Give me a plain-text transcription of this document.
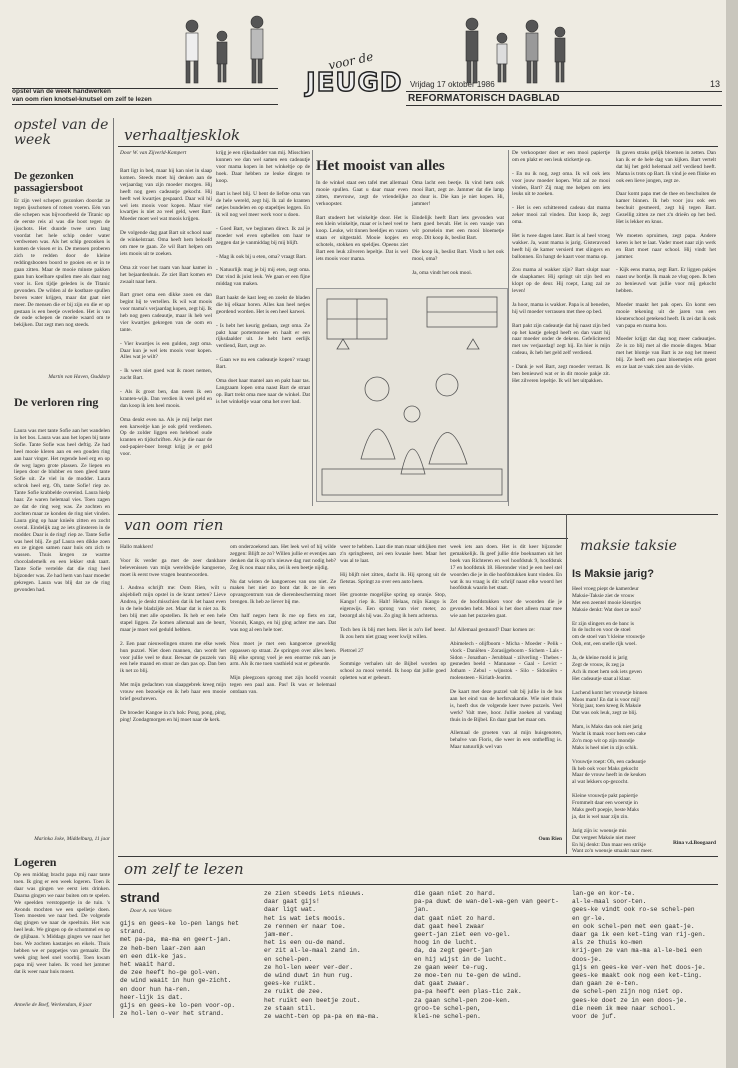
opstel van de week handwerken
van oom rien knotsel-knutsel om zelf te lezen
voor de
JEUGD Vrijdag 17 oktober 1986	13
REFORMATORISCH DAGBLAD
opstel van de week
De gezonken passagiersboot
Er zijn veel schepen gezonken doordat ze tegen ijsschotsen of rotsen voeren. Eén van die schepen was bijvoorbeeld de Titanic op de eerste reis al was die boot tegen de ijsschots. Het duurde twee uren lang voordat het hele schip onder water verdwenen was. Als het schip gezonken is komen de vissen er in. De mensen proberen zich te redden door de kleine reddingsbooten boord te gooien en er in te gaan zitten. Maar de mooie minste pakken gaan hun koelbare spullen mee als daar nog voor is. Een tijdje geleden is de Titanic gevonden. De wilden al de kostbare spullen boven water krijgen, maar dat gaat niet meer. De mensen die er bij zijn en die er op gestaan is een beetje overleden. Het is van de oude schepen de moeite waard om te bekijken. Dat zegt men nog steeds.
Martin van Haven, Ouddorp
De verloren ring
Laura was met tante Sofie aan het wandelen in het bos. Laura was aan het lopen bij tante Sofie. Tante Sofie was heel deftig. Ze had heel mooie kleren aan en een gouden ring aan haar vinger. Het regende heel erg en op de weg lagen grote plassen. Ze liepen en liepen door de blubber en toen gleed tante Sofie uit. Ze viel in de modder. Laura schrok heel erg. Oh, tante Sofie! riep ze. Tante Sofie krabbelde overeind. Laura hielp haar. Ze waren helemaal vies. Toen zagen ze dat de ring weg was. Ze zochten en zochten maar ze konden de ring niet vinden. Laura ging op haar knieën zitten en zocht overal. Eindelijk zag ze iets glinsteren in de modder. Daar is de ring! riep ze. Tante Sofie was heel blij. Ze gaf Laura een dikke zoen en ze gingen samen naar huis om zich te wassen. Thuis kregen ze warme chocolademelk en een lekker stuk taart. Tante Sofie vertelde dat die ring heel bijzonder was. Ze had hem van haar moeder gekregen. Laura was blij dat ze de ring gevonden had.
Marinka Joke, Middelburg, 11 jaar
Logeren
Op een middag bracht papa mij naar tante toen. Ik ging er een week logeren. Toen ik daar was gingen we eerst iets drinken. Daarna gingen we naar buiten om te spelen. We speelden verstoppertje in de tuin. 's Avonds mochten we een spelletje doen. Toen moesten we naar bed. De volgende dag gingen we naar de speeltuin. Het was heel leuk. We gingen op de schommel en op de glijbaan. 's Middags gingen we naar het bos. We zochten kastanjes en eikels. Thuis hebben we er poppetjes van gemaakt. Die week ging heel snel voorbij. Toen kwam papa mij weer halen. Ik vond het jammer dat ik weer naar huis moest.
Annelie de Boef, Werkendam, 8 jaar
verhaaltjesklok
Door W. van Zijverld-Kampert
Bart ligt in bed, maar hij kan niet in slaap komen. Steeds moet hij denken aan de verjaardag van zijn moeder morgen. Hij heeft nog geen cadeautje gekocht. Hij heeft wel kwartjes gespaard. Daar wil hij wel iets moois voor kopen. Maar vier kwartjes is niet zo veel geld, weet Bart. Moeder moet wel wat moois krijgen.

De volgende dag gaat Bart uit school naar de winkelstraat. Oma heeft hem beloofd om mee te gaan. Ze wil Bart helpen om iets moois uit te zoeken.

Oma zit voor het raam van haar kamer in het bejaardenhuis. Ze ziet Bart komen en zwaait naar hem.

Bart groet oma een dikke zoen en dan begint hij te vertellen. Ik wil wat moois voor mama's verjaardag kopen, zegt hij. Ik heb nog geen cadeautje, maar ik heb wel vier kwartjes gekregen van de oom en tante.

- Vier kwartjes is een gulden, zegt oma. Daar kun je wel iets moois voor kopen. Alles wat je wilt?

- Ik weet niet goed wat ik moet nemen, zucht Bart.

- Als ik groot ben, dan neem ik een kranten-wijk. Dan verdien ik veel geld en dan koop ik iets heel moois.

Oma denkt even na. Als je mij helpt met een karweitje kan je ook geld verdienen. Op de zolder liggen een heleboel oude kranten en tijdschriften. Als je die naar de oud-papier-boer brengt krijg je er geld voor.
krijg je een rijksdaalder van mij. Misschien kunnen we dan wel samen een cadeautje voor mama kopen in het winkeltje op de hoek. Daar hebben ze leuke dingen te koop.

Bart is heel blij. U bent de liefste oma van de hele wereld, zegt hij. Ik zal de kranten netjes bundelen en op stapeltjes leggen. En ik wil nog wel meer werk voor u doen.

- Goed Bart, we beginnen direct. Ik zal je moeder wel even opbellen om haar te zeggen dat je vanmiddag bij mij blijft.

- Mag ik ook bij u eten, oma? vraagt Bart.

- Natuurlijk mag je bij mij eten, zegt oma. Dat vind ik juist leuk. We gaan er een fijne middag van maken.

Bart haakt de kast leeg en zoekt de bladen die bij elkaar horen. Alles kan heel netjes geordend worden. Het is een heel karwei.

- Is hebt het keurig gedaan, zegt oma. Ze pakt haar portemonnee en haalt er een rijksdaalder uit. Je hebt hem eerlijk verdiend, Bart, zegt ze.

- Gaan we nu een cadeautje kopen? vraagt Bart.

Oma doet haar mantel aan en pakt haar tas. Langzaam lopen oma naast Bart de straat op. Bart trekt oma mee naar de winkel. Dat is het winkeltje waar oma het over had.
Het mooist van alles
In de winkel staat een tafel met allemaal mooie spullen. Gaat u daar maar even zitten, mevrouw, zegt de vriendelijke verkoopster.

Bart studeert het winkeltje door. Het is een klein winkeltje, maar er is heel veel te koop. Leuke, wit tinnen beeldjes en vazen staan er uitgestald. Mooie kopjes en schotels, stokken en speldjes. Opeens ziet Bart een leuk zilveren lepeltje. Dat is wel iets moois voor mama.
Oma lacht een beetje. Ik vind hem ook mooi Bart, zegt ze. Jammer dat die lamp zo duur is. Die kan je niet kopen. Hi, jammer!

Eindelijk heeft Bart iets gevonden wat hem goed bevalt. Het is een vaasje van wit porselein met een mooi bloemetje erop. Dit koop ik, beslist Bart.

Die koop ik, beslist Bart. Vindt u het ook mooi, oma?

Ja, oma vindt het ook mooi.
De verkoopster doet er een mooi papiertje om en plakt er een leuk stickertje op.

- En nu ik nog, zegt oma. Ik wil ook iets voor jouw moeder kopen. Wat zal ze mooi vinden, Bart? Zij mag me helpen om iets leuks uit te zoeken.

- Het is een schitterend cadeau dat mama zeker mooi zal vinden. Dat koop ik, zegt oma.

Het is twee dagen later. Bart is al heel vroeg wakker. Ja, want mama is jarig. Gisteravond heeft hij de kamer versierd met slingers en ballonnen. En hangt de kaart voor mama op.

Zou mama al wakker zijn? Bart sluipt naar de slaapkamer. Hij springt uit zijn bed en klopt op de deur. Hij roept, Lang zal ze leven!

Ja hoor, mama is wakker. Papa is al beneden, hij wil moeder verrassen met thee op bed.

Bart pakt zijn cadeautje dat hij naast zijn bed op het kastje gelegd heeft en dan vaart hij naar moeder onder de dekens. Gefeliciteerd met uw verjaardag! zegt hij. En hier is mijn cadeau, ik heb het geld zelf verdiend.

- Dank je wel Bart, zegt moeder verrast. Ik ben benieuwd wat er in dit mooie pakje zit. Het zilveren lepeltje. Ik wil het uitpakken.
Ik gaven straks gelijk bloemen in zetten. Dan kan ik er de hele dag van kijken. Bart vertelt dat hij het geld helemaal zelf verdiend heeft. Mama is trots op Bart. Ik vind je een flinke en ook een lieve jongen, zegt ze.

Daar komt papa met de thee en beschuiten de kamer binnen. Ik heb voor jou ook een beschuit gesmeerd, zegt hij tegen Bart. Gezellig zitten ze met z'n drieën op het bed. Het is lekker en knus.

We moeten opruimen, zegt papa. Andere keren is het te laat. Vader moet naar zijn werk en Bart moet naar school. Hij vindt het jammer.

- Kijk eens mama, zegt Bart. Er liggen pakjes naast uw bordje. Ik maak ze vlug open. Ik ben zo benieuwd wat jullie voor mij gekocht hebben.

Moeder maakt het pak open. En komt een mooie tekening uit de jaren van een kleuterschool getekend heeft. Ik zei dat ik ook van papa en mama hou.

Moeder krijgt dat dag nog meer cadeautjes. Ze is zo blij met al die mooie dingen. Maar met het blomje van Bart is ze nog het meest blij. Ze heeft een paar bloemetjes erin gezet en ze laat ze vaak zien aan de visite.
van oom rien
Hallo makkers!

Voor ik verder ga met de zeer dankbare belevenissen van mijn wereldwijde kangoeroe, moet ik eerst twee vragen beantwoorden.

1. Andrea schrijft me: Oom Rien, wilt u alsjeblieft mijn opstel in de krant zetten? Lieve Andrea, je denkt misschien dat ik het haast even in de hele bladzijde zet. Maar dat is niet zo. Ik ben blij met alle opstellen. Ik heb er een hele stapel liggen. Ze komen allemaal aan de beurt, maar je moet wel geduld hebben.

2. Een paar nieuwelingen sturen me elke week hun puzzel. Niet doen mannen, dan wordt het voor jullie veel te duur. Bewaar de puzzels van een hele maand en stuur ze dan pas op. Dan ben ik net zo blij.

Met mijn gedachten van slaapgebrek kreeg mijn vrouw een bezoekje en ik heb haar een mooie brief geschreven.

De broeder Kangoe in z'n hok: Pong, pong, ping, ping! Zondagmorgen en hij moet naar de kerk.
om onderzoekend aan. Het leek wel of hij wilde zeggen: Blijft ze zo? Willen jullie er eventjes aan denken dat ik op m'n nieuwe dag rust nodig heb? Zeg ik nou maar niks, zei ik een beetje nijdig.

Nu dat wisten de kangoeroes van ons niet. Ze maken het niet zo bont dat ik ze in een opvangcentrum van de dierenbescherming moet brengen. Ik heb ze liever bij me.

Om half negen hem ik me op fiets en zat, Vooruit, Kango, en hij ging achter me aan. Dat was nog al een hele toer.

Nou moet je met een kangoeroe geweldig oppassen op straat. Ze springen over alles heen. Bij elke sprong voel je een enorme ruk aan je arm. Als ik me toen vasthield wat er gebeurde.

Mijn pleegzoon sprong met zijn hoofd vooruit tegen een paal aan. Pas! Ik was er helemaal ontdaan van.
weer te hebben. Laat die man maar uitkijken met z'n springbeest, zei een kwaaie heer. Maar het was al te laat.

Hij blijft niet zitten, dacht ik. Hij sprong uit de fietstas. Springt zo over een auto heen.

Het grootste mogelijke spring op oranje. Stop, Kango! riep ik. Halt! Helaas, mijn Kango is eigenwijs. Een sprong van vier meter, zo bezorgd als hij was. Zo ging ik hem achterna.

Toch ben ik blij met hem. Het is zo'n lief beest. Ik zou hem niet graag weer kwijt willen.

Pietroel 27

Sommige verhalen uit de Bijbel worden op school zo mooi verteld. Ik hoop dat jullie goed opletten wat er gebeurt.
week iets aan doen. Het is dit keer bijzonder gemakkelijk. Ik geef jullie drie boeknamen uit het boek van Richteren en wel hoofdstuk 9, hoofdstuk 17 en hoofdstuk 18. Hieronder vind je een heel stel woorden die je in die hoofdstukken kunt vinden. En wat ik nu vraag is dit: schrijf naast elke woord het hoofdstuk waarin het staat.

Zet de hoofdstukken voor de woorden die je gevonden hebt. Mooi is het doet alleen maar mee wie aan het puzzelen gaat.

Ja! Allemaal gestuurd? Daar komen ze:

Abimelech - olijfboom - Micha - Moeder - Pelik - vlock - Daniëten - Zorasijgeboom - Sichem - Lais - Sidon - Jonathan - Jerubbaal - zilverling - Thebes - gesneden beeld - Mannasse - Gaal - Levict - Jotham - Zebul - wijnstok - Silo - Sidoniërs - molensteen - Kiriath-Jearim.

De kaart met deze puzzel valt bij jullie in de bus aan het eind van de herfstvakantie. Wie niet thuis is, hoeft dus de volgende keer twee puzzels. Veel werk? Valt mee, hoor. Jullie zoeken al vandaag thuis in de Bijbel. En daar gaat het maar om.

Allemaal de groeten van al mijn huisgenoten, behalve van Floris, die weer in een ontheffing is. Maar natuurlijk wel van
Oom Rien
maksie taksie
Is Maksie jarig?
Heel vroeg piept de kamerdeur
Maksie-Taksie ziet de vrouw
Met een zeentel mooie kleurtjes
Maksie denkt: Wat doet ze nou?

Er zijn slingers en de banc is
In de lucht en voor de stoel
om de stoel van 't kleine vrouwtje
Ooh, ent, een snelle rijk woel.

Ja, de kleine mold is jarig
Zegt de vrouw, ik zeg ja
Ach ik moet hem ook iets geven
Het cadeautje staat al klaar.

Lachend komt het vrouwtje binnen
Moos mam! En dat is voor mij!
Vorig jaar, toen kreeg ik Maksie
Dat was ook leuk, zegt ze blij.

Mam, is Maks dan ook niet jarig
Wacht ik maak voor hem een cake
Zo'n mop wit op zijn mondje
Maks is heel niet in zijn schik.

Vrouwtje roept: Oh, een cadeautje
Ik heb ook voor Maks gekocht
Maar de vrouw heeft in de keuken
al wat lekkers op-gezocht.

Kleine vrouwtje pakt papiertje
Frommelt daar een woerstje in
Maks geeft poepje, beste Maks
ja, dat is wel naar zijn zin.

Jarig zijn is: woensje mis
Dat vergeet Maksie niet meer
En hij denkt: Dan maar een strikje
Want zo'n woensje smaakt naar meer.
Rina v.d.Boogaard
om zelf te lezen
strand
Door A. van Velzen
gijs en gees-ke lo-pen langs het strand.
met pa-pa, ma-ma en geert-jan.
ze heb-ben laar-zen aan
en een dik-ke jas.
het waait hard.
de zee heeft ho-ge gol-ven.
de wind waait in hun ge-zicht.
en door hun ha-ren.
heer-lijk is dat.
gijs en gees-ke lo-pen voor-op.
ze hol-len o-ver het strand.
ze zien steeds iets nieuws.
daar gaat gijs!
daar ligt wat.
het is wat iets moois.
ze rennen er naar toe.
jam-mer.
het is een ou-de mand.
er zit al-le-maal zand in.
en schel-pen.
ze hol-len weer ver-der.
de wind duwt in hun rug.
gees-ke ruikt.
ze ruikt de zee.
het ruikt een beetje zout.
ze staan stil.
ze wacht-ten op pa-pa en ma-ma.
die gaan niet zo hard.
pa-pa duwt de wan-del-wa-gen van geert-jan.
dat gaat niet zo hard.
dat gaat heel zwaar
geert-jan ziet een vo-gel.
hoog in de lucht.
da, da zegt geert-jan
en hij wijst in de lucht.
ze gaan weer te-rug.
ze moe-ten nu te-gen de wind.
dat gaat zwaar.
pa-pa heeft een plas-tic zak.
za gaan schel-pen zoe-ken.
groo-te schel-pen,
klei-ne schel-pen.
lan-ge en kor-te.
al-le-maal soor-ten.
gees-ke vindt ook ro-se schel-pen
en gr-le.
en ook schel-pen met een gaat-je.
daar ga ik een ket-ting van rij-gen.
als ze thuis ko-men
krij-gen ze van ma-ma al-le-bei een doos-je.
gijs en gees-ke ver-ven het doos-je.
gees-ke maakt ook nog een ket-ting.
dan gaan ze e-ten.
de schel-pen zijn nog niet op.
gees-ke doet ze in een doos-je.
die neem ik mee naar school.
voor de juf.
